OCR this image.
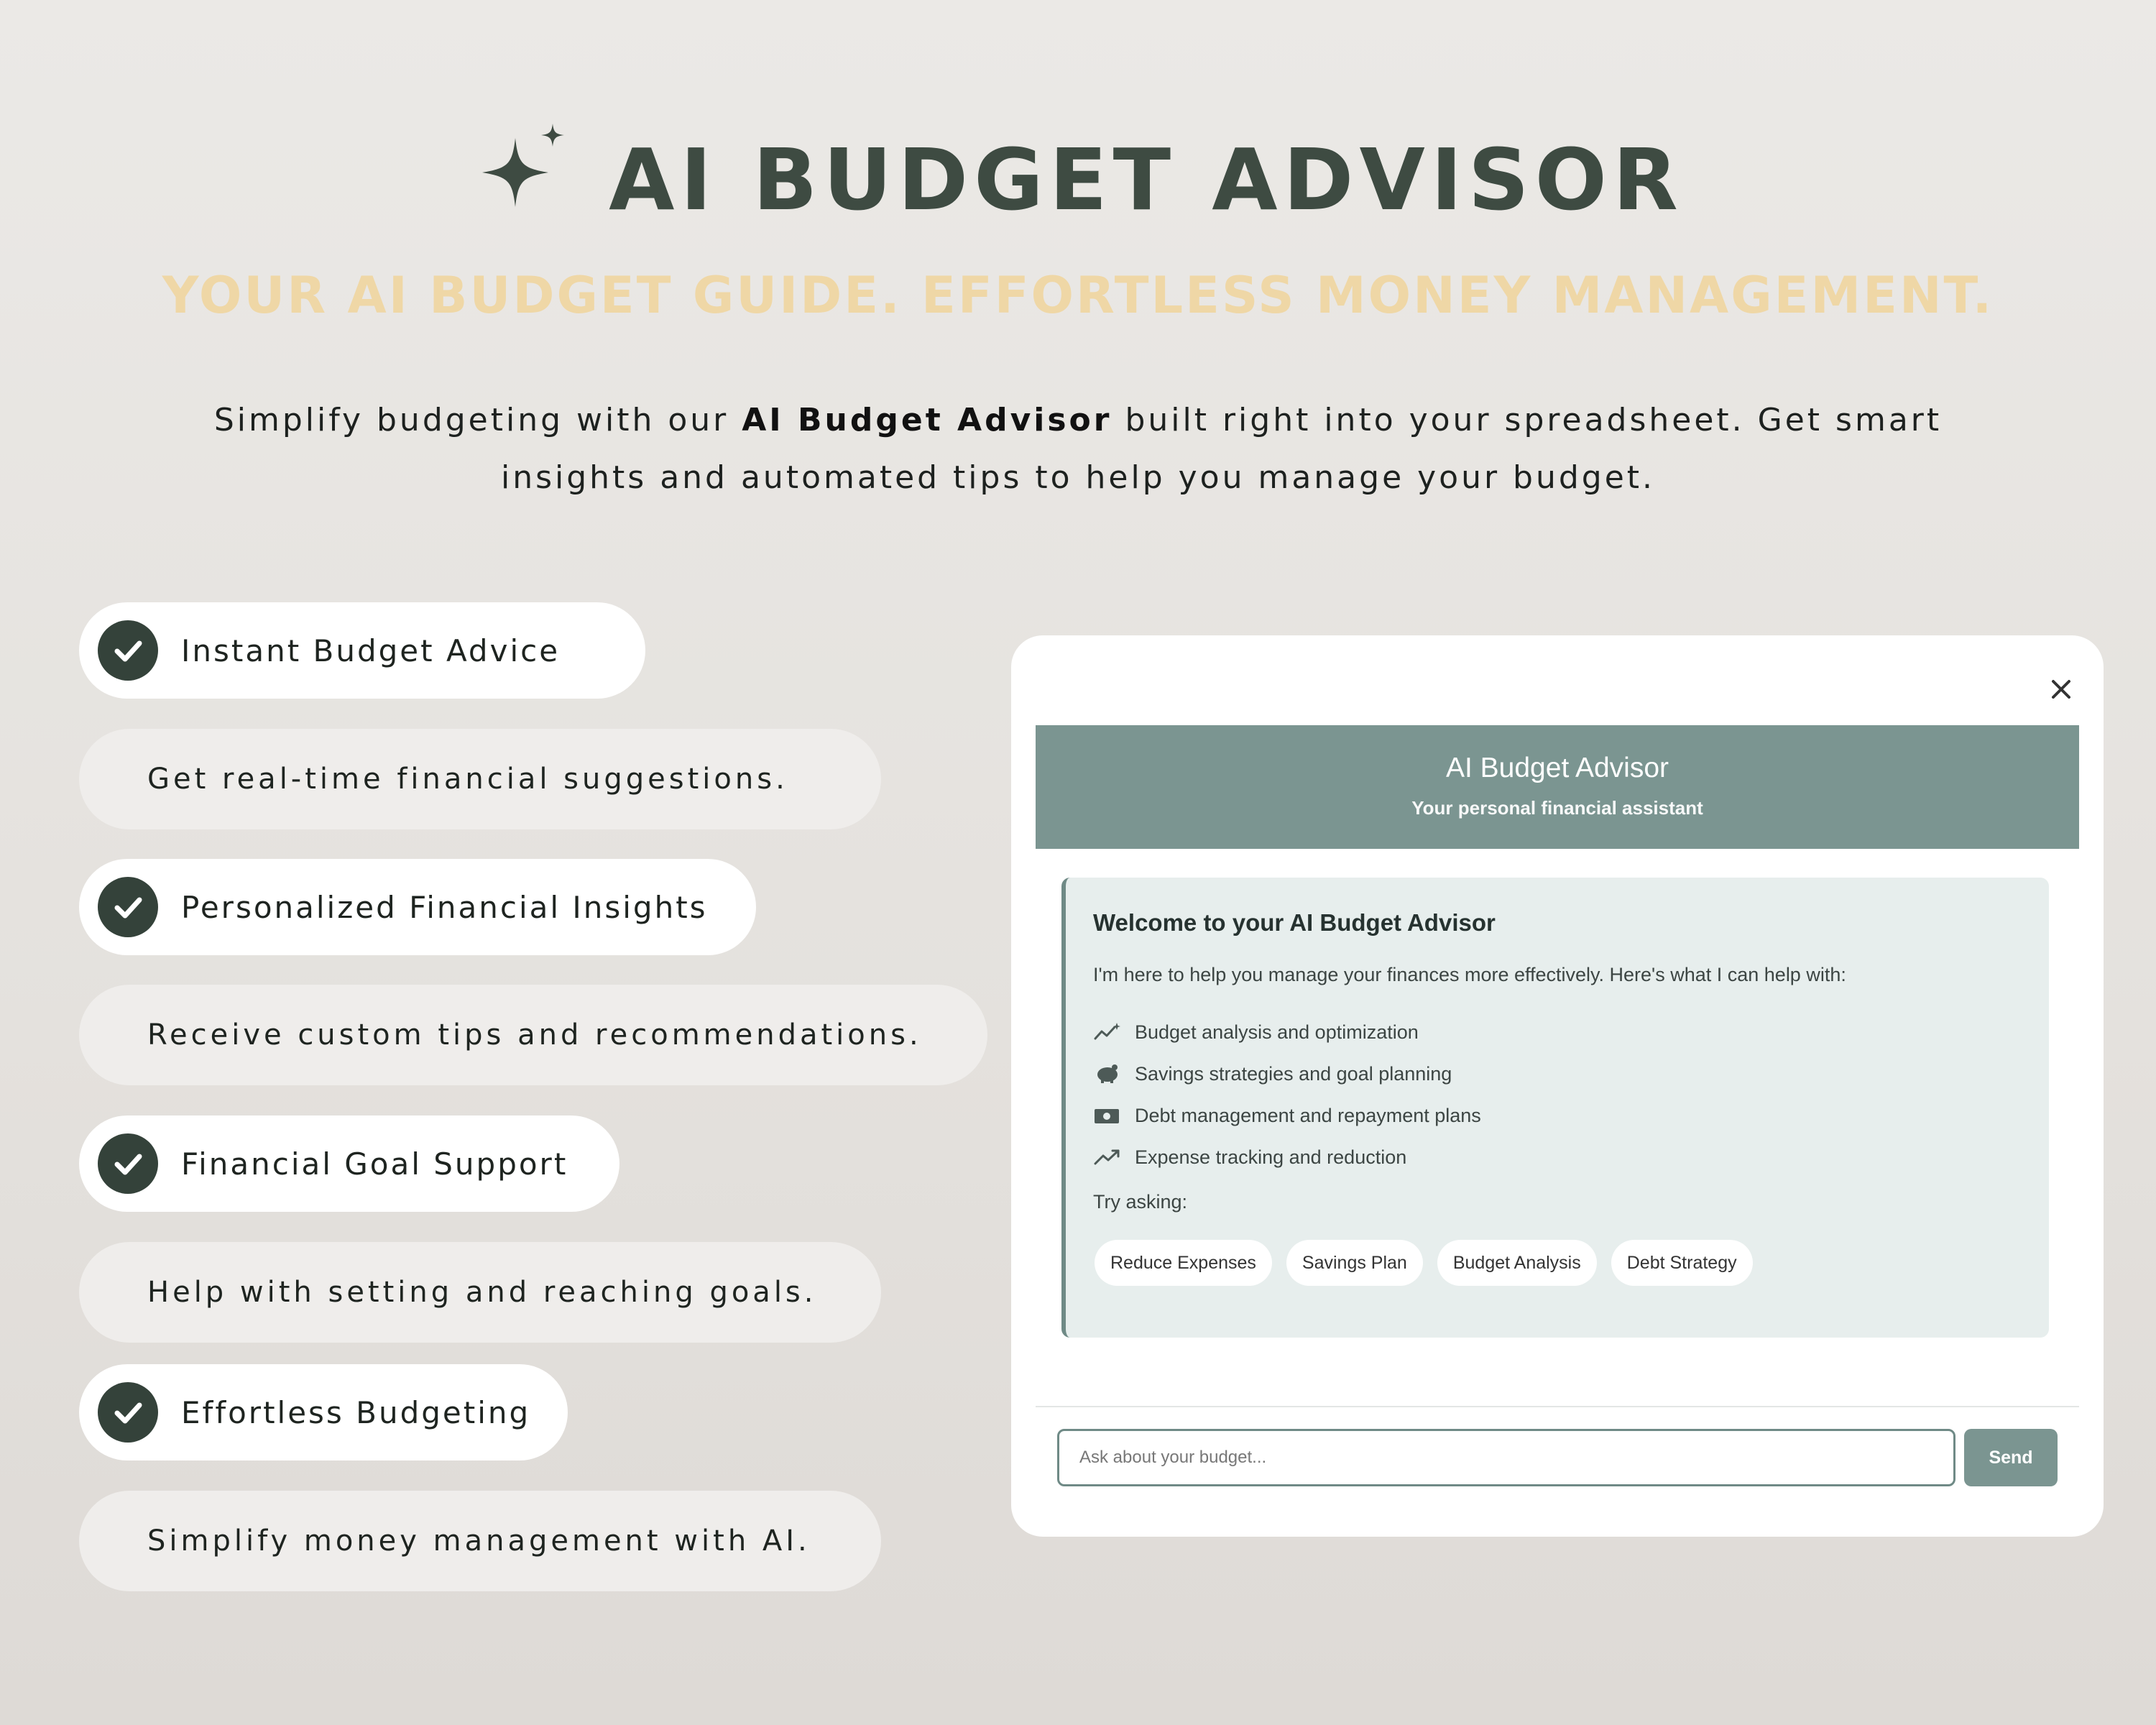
AI BUDGET ADVISOR
YOUR AI BUDGET GUIDE. EFFORTLESS MONEY MANAGEMENT.
Simplify budgeting with our AI Budget Advisor built right into your spreadsheet. Get smart insights and automated tips to help you manage your budget.
Instant Budget Advice
Get real-time financial suggestions.
Personalized Financial Insights
Receive custom tips and recommendations.
Financial Goal Support
Help with setting and reaching goals.
Effortless Budgeting
Simplify money management with AI.
AI Budget Advisor
Your personal financial assistant
Welcome to your AI Budget Advisor
I'm here to help you manage your finances more effectively. Here's what I can help with:
Budget analysis and optimization
Savings strategies and goal planning
Debt management and repayment plans
Expense tracking and reduction
Try asking:
Reduce Expenses	Savings Plan	Budget Analysis	Debt Strategy
Ask about your budget...
Send
